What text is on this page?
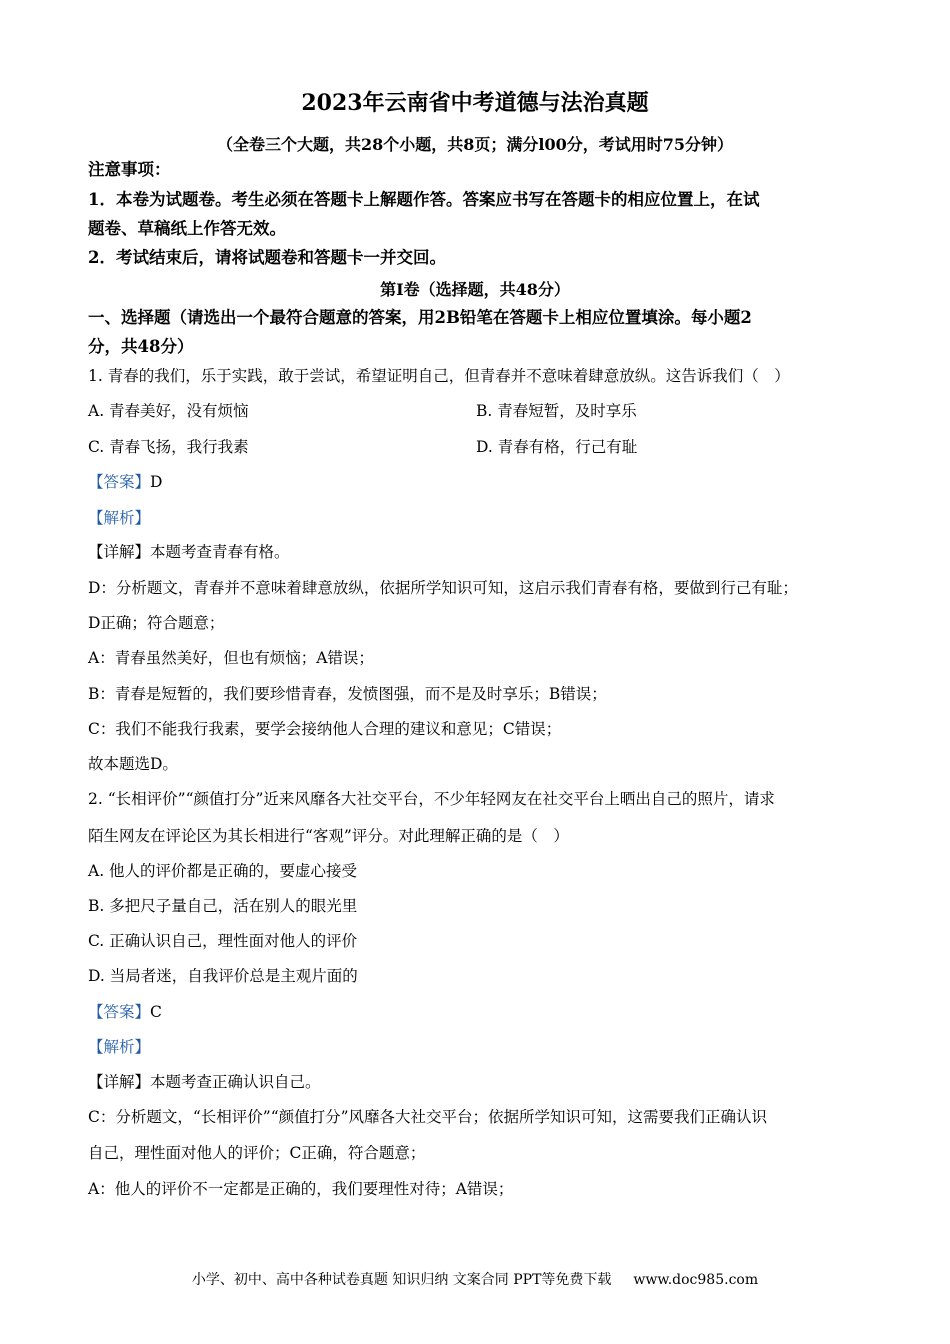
2023年云南省中考道德与法治真题
（全卷三个大题，共28个小题，共8页；满分l00分，考试用时75分钟）
注意事项：
1．本卷为试题卷。考生必须在答题卡上解题作答。答案应书写在答题卡的相应位置上，在试
题卷、草稿纸上作答无效。
2．考试结束后，请将试题卷和答题卡一并交回。
第I卷（选择题，共48分）
一、选择题（请选出一个最符合题意的答案，用2B铅笔在答题卡上相应位置填涂。每小题2
分，共48分）
1. 青春的我们，乐于实践，敢于尝试，希望证明自己，但青春并不意味着肆意放纵。这告诉我们（　）
A. 青春美好，没有烦恼	B. 青春短暂，及时享乐
C. 青春飞扬，我行我素	D. 青春有格，行己有耻
【答案】D
【解析】
【详解】本题考查青春有格。
D：分析题文，青春并不意味着肆意放纵，依据所学知识可知，这启示我们青春有格，要做到行己有耻；
D正确；符合题意；
A：青春虽然美好，但也有烦恼；A错误；
B：青春是短暂的，我们要珍惜青春，发愤图强，而不是及时享乐；B错误；
C：我们不能我行我素，要学会接纳他人合理的建议和意见；C错误；
故本题选D。
2. “长相评价”“颜值打分”近来风靡各大社交平台，不少年轻网友在社交平台上晒出自己的照片，请求
陌生网友在评论区为其长相进行“客观”评分。对此理解正确的是（　）
A. 他人的评价都是正确的，要虚心接受
B. 多把尺子量自己，活在别人的眼光里
C. 正确认识自己，理性面对他人的评价
D. 当局者迷，自我评价总是主观片面的
【答案】C
【解析】
【详解】本题考查正确认识自己。
C：分析题文，“长相评价”“颜值打分”风靡各大社交平台；依据所学知识可知，这需要我们正确认识
自己，理性面对他人的评价；C正确，符合题意；
A：他人的评价不一定都是正确的，我们要理性对待；A错误；
小学、初中、高中各种试卷真题 知识归纳 文案合同 PPT等免费下载 www.doc985.com
